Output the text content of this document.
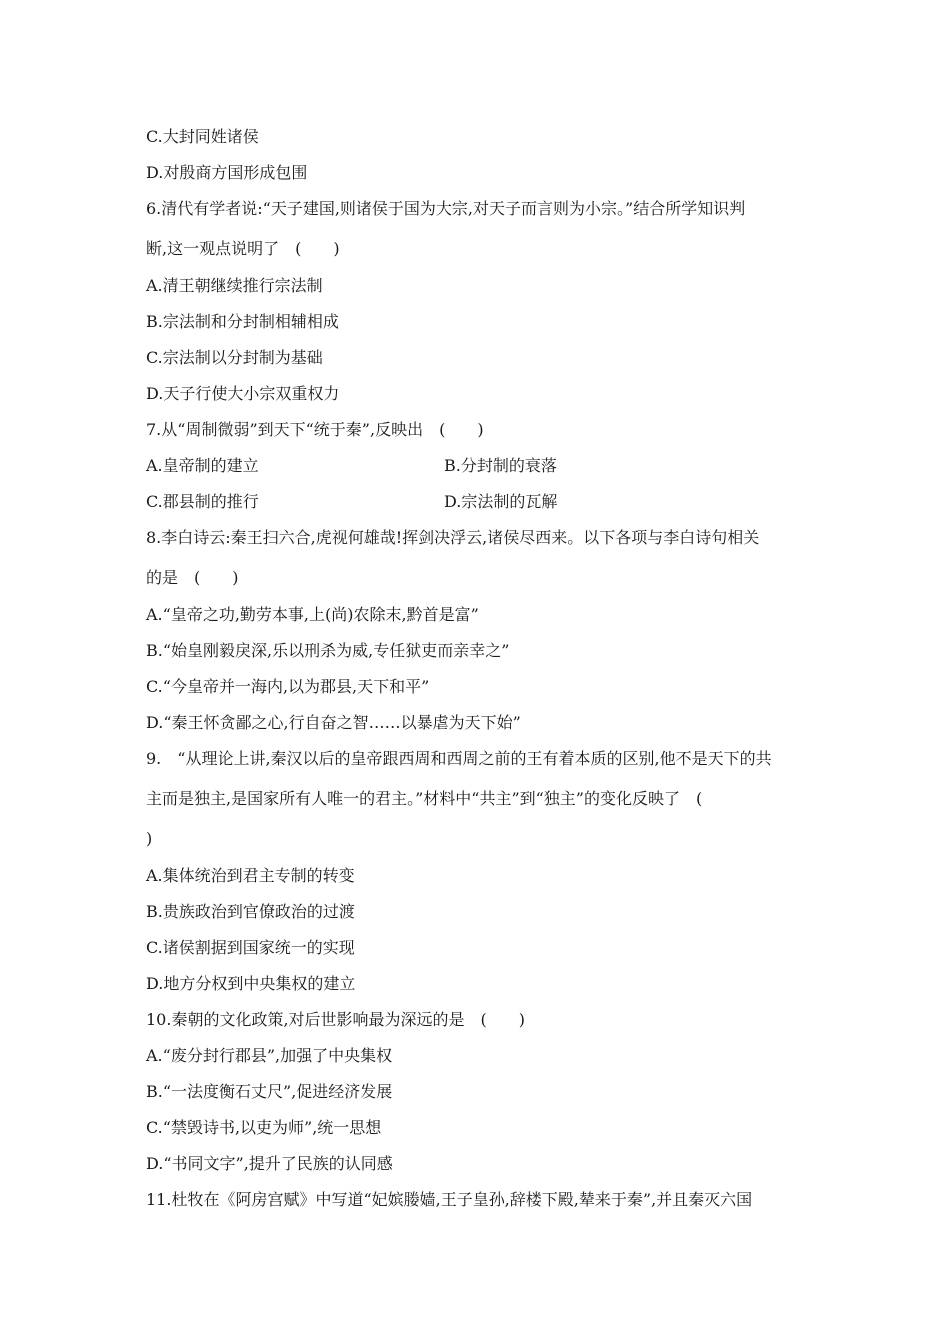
C.大封同姓诸侯
D.对殷商方国形成包围
6.清代有学者说:“天子建国,则诸侯于国为大宗,对天子而言则为小宗。”结合所学知识判
断,这一观点说明了　(　　)
A.清王朝继续推行宗法制
B.宗法制和分封制相辅相成
C.宗法制以分封制为基础
D.天子行使大小宗双重权力
7.从“周制微弱”到天下“统于秦”,反映出　(　　)
A.皇帝制的建立	B.分封制的衰落
C.郡县制的推行	D.宗法制的瓦解
8.李白诗云:秦王扫六合,虎视何雄哉!挥剑决浮云,诸侯尽西来。以下各项与李白诗句相关
的是　(　　)
A.“皇帝之功,勤劳本事,上(尚)农除末,黔首是富”
B.“始皇刚毅戾深,乐以刑杀为威,专任狱吏而亲幸之”
C.“今皇帝并一海内,以为郡县,天下和平”
D.“秦王怀贪鄙之心,行自奋之智……以暴虐为天下始”
9.　“从理论上讲,秦汉以后的皇帝跟西周和西周之前的王有着本质的区别,他不是天下的共
主而是独主,是国家所有人唯一的君主。”材料中“共主”到“独主”的变化反映了　(
)
A.集体统治到君主专制的转变
B.贵族政治到官僚政治的过渡
C.诸侯割据到国家统一的实现
D.地方分权到中央集权的建立
10.秦朝的文化政策,对后世影响最为深远的是　(　　)
A.“废分封行郡县”,加强了中央集权
B.“一法度衡石丈尺”,促进经济发展
C.“禁毁诗书,以吏为师”,统一思想
D.“书同文字”,提升了民族的认同感
11.杜牧在《阿房宫赋》中写道“妃嫔媵嫱,王子皇孙,辞楼下殿,辇来于秦”,并且秦灭六国
